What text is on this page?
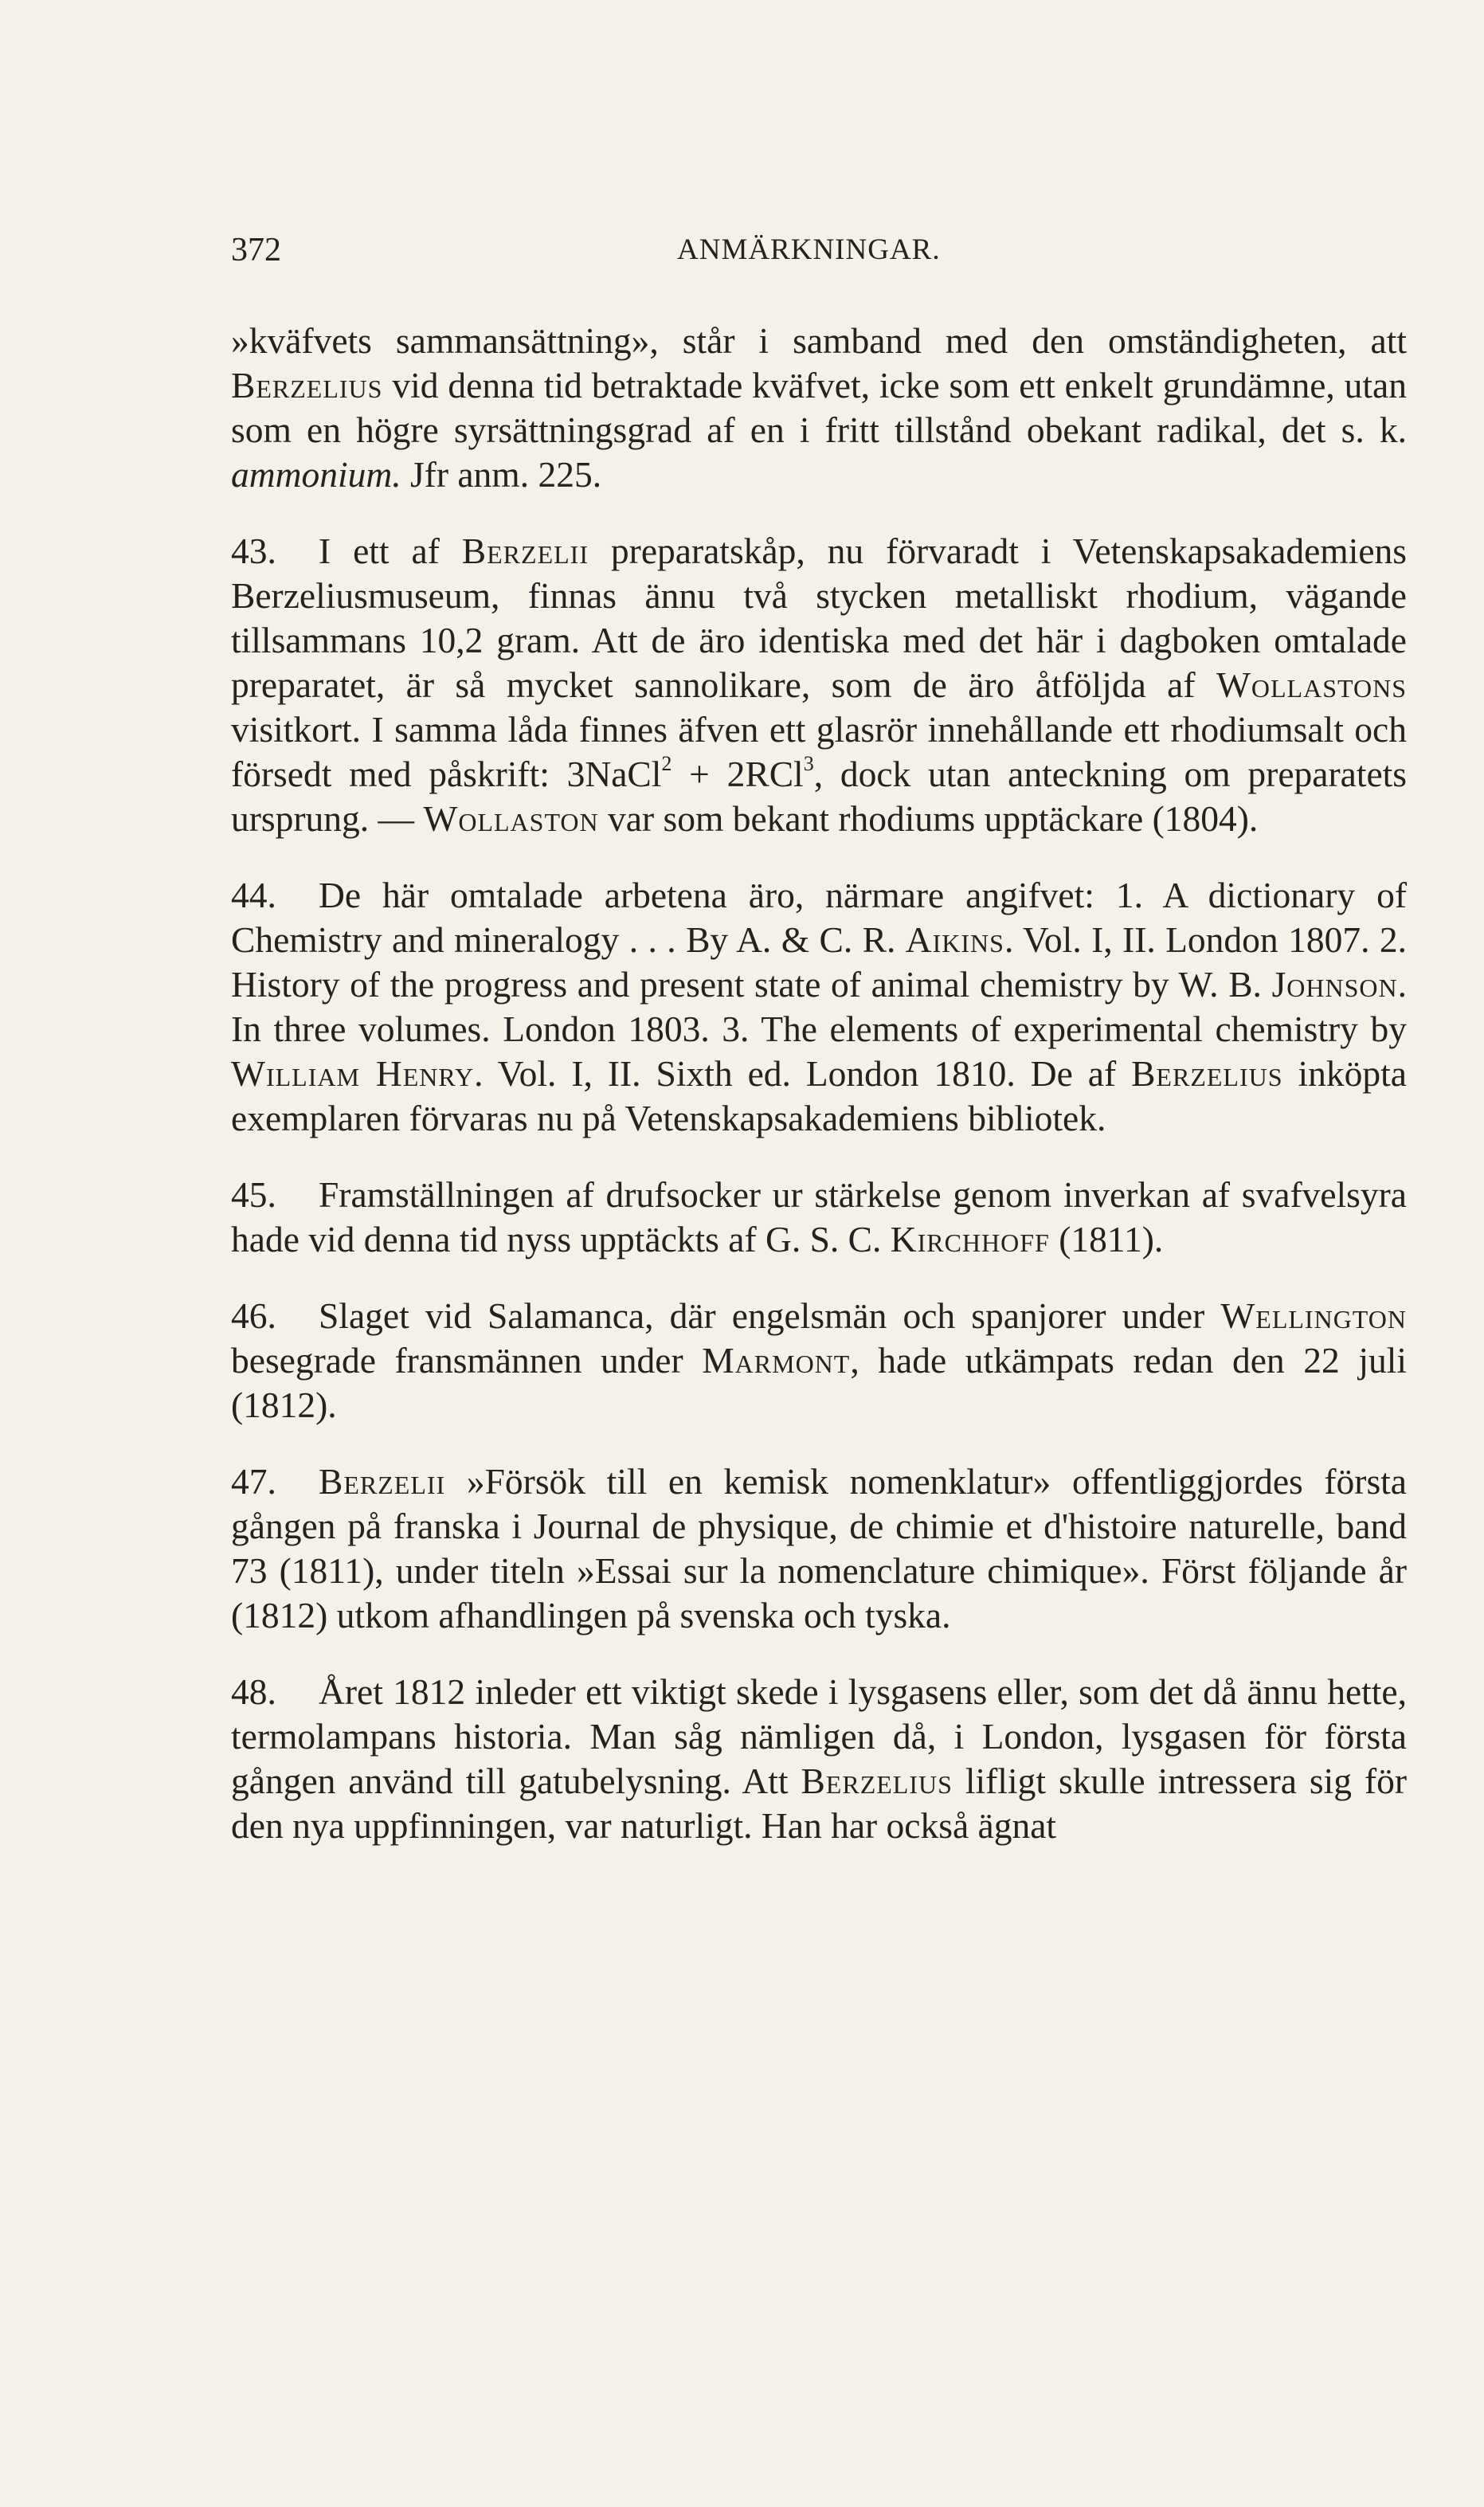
372	ANMÄRKNINGAR.

»kväfvets sammansättning», står i samband med den omständigheten, att Berzelius vid denna tid betraktade kväfvet, icke som ett enkelt grundämne, utan som en högre syrsättningsgrad af en i fritt tillstånd obekant radikal, det s. k. ammonium. Jfr anm. 225.

43. I ett af Berzelii preparatskåp, nu förvaradt i Vetenskapsakademiens Berzeliusmuseum, finnas ännu två stycken metalliskt rhodium, vägande tillsammans 10,2 gram. Att de äro identiska med det här i dagboken omtalade preparatet, är så mycket sannolikare, som de äro åtföljda af Wollastons visitkort. I samma låda finnes äfven ett glasrör innehållande ett rhodiumsalt och försedt med påskrift: 3NaCl$^2$ + 2RCl$^3$, dock utan anteckning om preparatets ursprung. — Wollaston var som bekant rhodiums upptäckare (1804).

44. De här omtalade arbetena äro, närmare angifvet: 1. A dictionary of Chemistry and mineralogy . . . By A. & C. R. Aikins. Vol. I, II. London 1807. 2. History of the progress and present state of animal chemistry by W. B. Johnson. In three volumes. London 1803. 3. The elements of experimental chemistry by William Henry. Vol. I, II. Sixth ed. London 1810. De af Berzelius inköpta exemplaren förvaras nu på Vetenskapsakademiens bibliotek.

45. Framställningen af drufsocker ur stärkelse genom inverkan af svafvelsyra hade vid denna tid nyss upptäckts af G. S. C. Kirchhoff (1811).

46. Slaget vid Salamanca, där engelsmän och spanjorer under Wellington besegrade fransmännen under Marmont, hade utkämpats redan den 22 juli (1812).

47. Berzelii »Försök till en kemisk nomenklatur» offentliggjordes första gången på franska i Journal de physique, de chimie et d'histoire naturelle, band 73 (1811), under titeln »Essai sur la nomenclature chimique». Först följande år (1812) utkom afhandlingen på svenska och tyska.

48. Året 1812 inleder ett viktigt skede i lysgasens eller, som det då ännu hette, termolampans historia. Man såg nämligen då, i London, lysgasen för första gången använd till gatubelysning. Att Berzelius lifligt skulle intressera sig för den nya uppfinningen, var naturligt. Han har också ägnat
